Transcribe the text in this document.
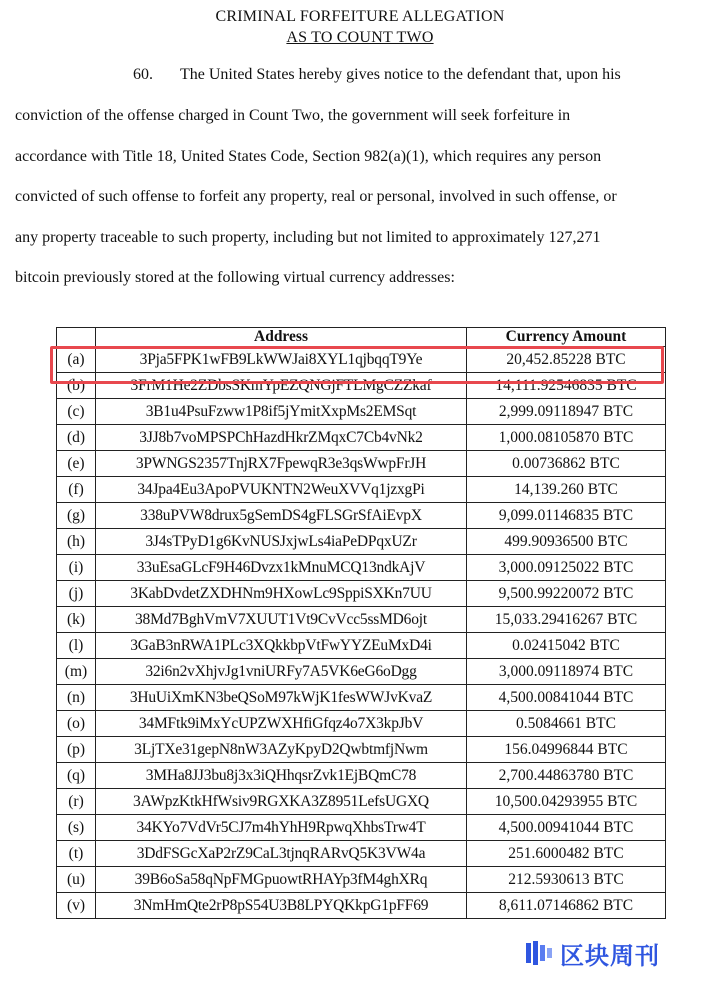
CRIMINAL FORFEITURE ALLEGATION
AS TO COUNT TWO
60. The United States hereby gives notice to the defendant that, upon his
conviction of the offense charged in Count Two, the government will seek forfeiture in
accordance with Title 18, United States Code, Section 982(a)(1), which requires any person
convicted of such offense to forfeit any property, real or personal, involved in such offense, or
any property traceable to such property, including but not limited to approximately 127,271
bitcoin previously stored at the following virtual currency addresses:
	Address	Currency Amount
(a)	3Pja5FPK1wFB9LkWWJai8XYL1qjbqqT9Ye	20,452.85228 BTC
(b)	3FrM1He2ZDbsSKmYpEZQNGjFTLMgCZZkaf	14,111.92546835 BTC
(c)	3B1u4PsuFzww1P8if5jYmitXxpMs2EMSqt	2,999.09118947 BTC
(d)	3JJ8b7voMPSPChHazdHkrZMqxC7Cb4vNk2	1,000.08105870 BTC
(e)	3PWNGS2357TnjRX7FpewqR3e3qsWwpFrJH	0.00736862 BTC
(f)	34Jpa4Eu3ApoPVUKNTN2WeuXVVq1jzxgPi	14,139.260 BTC
(g)	338uPVW8drux5gSemDS4gFLSGrSfAiEvpX	9,099.01146835 BTC
(h)	3J4sTPyD1g6KvNUSJxjwLs4iaPeDPqxUZr	499.90936500 BTC
(i)	33uEsaGLcF9H46Dvzx1kMnuMCQ13ndkAjV	3,000.09125022 BTC
(j)	3KabDvdetZXDHNm9HXowLc9SppiSXKn7UU	9,500.99220072 BTC
(k)	38Md7BghVmV7XUUT1Vt9CvVcc5ssMD6ojt	15,033.29416267 BTC
(l)	3GaB3nRWA1PLc3XQkkbpVtFwYYZEuMxD4i	0.02415042 BTC
(m)	32i6n2vXhjvJg1vniURFy7A5VK6eG6oDgg	3,000.09118974 BTC
(n)	3HuUiXmKN3beQSoM97kWjK1fesWWJvKvaZ	4,500.00841044 BTC
(o)	34MFtk9iMxYcUPZWXHfiGfqz4o7X3kpJbV	0.5084661 BTC
(p)	3LjTXe31gepN8nW3AZyKpyD2QwbtmfjNwm	156.04996844 BTC
(q)	3MHa8JJ3bu8j3x3iQHhqsrZvk1EjBQmC78	2,700.44863780 BTC
(r)	3AWpzKtkHfWsiv9RGXKA3Z8951LefsUGXQ	10,500.04293955 BTC
(s)	34KYo7VdVr5CJ7m4hYhH9RpwqXhbsTrw4T	4,500.00941044 BTC
(t)	3DdFSGcXaP2rZ9CaL3tjnqRARvQ5K3VW4a	251.6000482 BTC
(u)	39B6oSa58qNpFMGpuowtRHAYp3fM4ghXRq	212.5930613 BTC
(v)	3NmHmQte2rP8pS54U3B8LPYQKkpG1pFF69	8,611.07146862 BTC
区块周刊
